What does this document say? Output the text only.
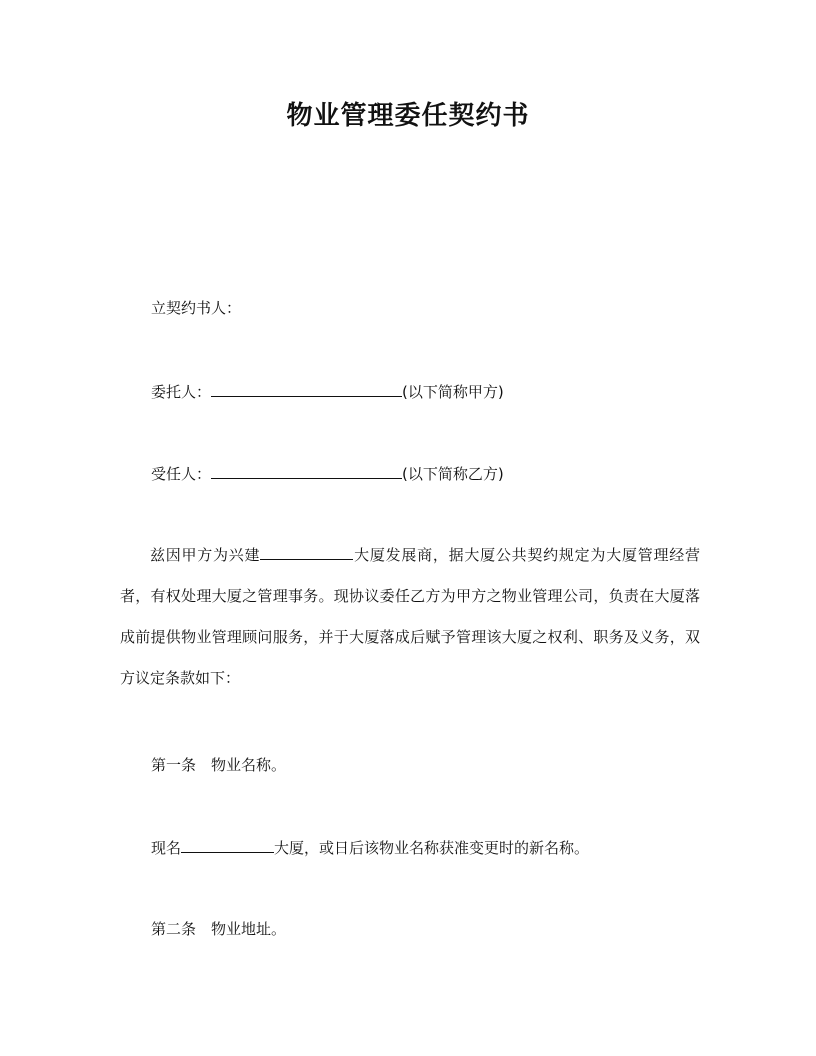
物业管理委任契约书
立契约书人：
委托人：	(以下简称甲方)
受任人：	(以下简称乙方)
兹因甲方为兴建	大厦发展商，据大厦公共契约规定为大厦管理经营者，有权处理大厦之管理事务。现协议委任乙方为甲方之物业管理公司，负责在大厦落成前提供物业管理顾问服务，并于大厦落成后赋予管理该大厦之权利、职务及义务，双方议定条款如下：
第一条　物业名称。
现名	大厦，或日后该物业名称获准变更时的新名称。
第二条　物业地址。
